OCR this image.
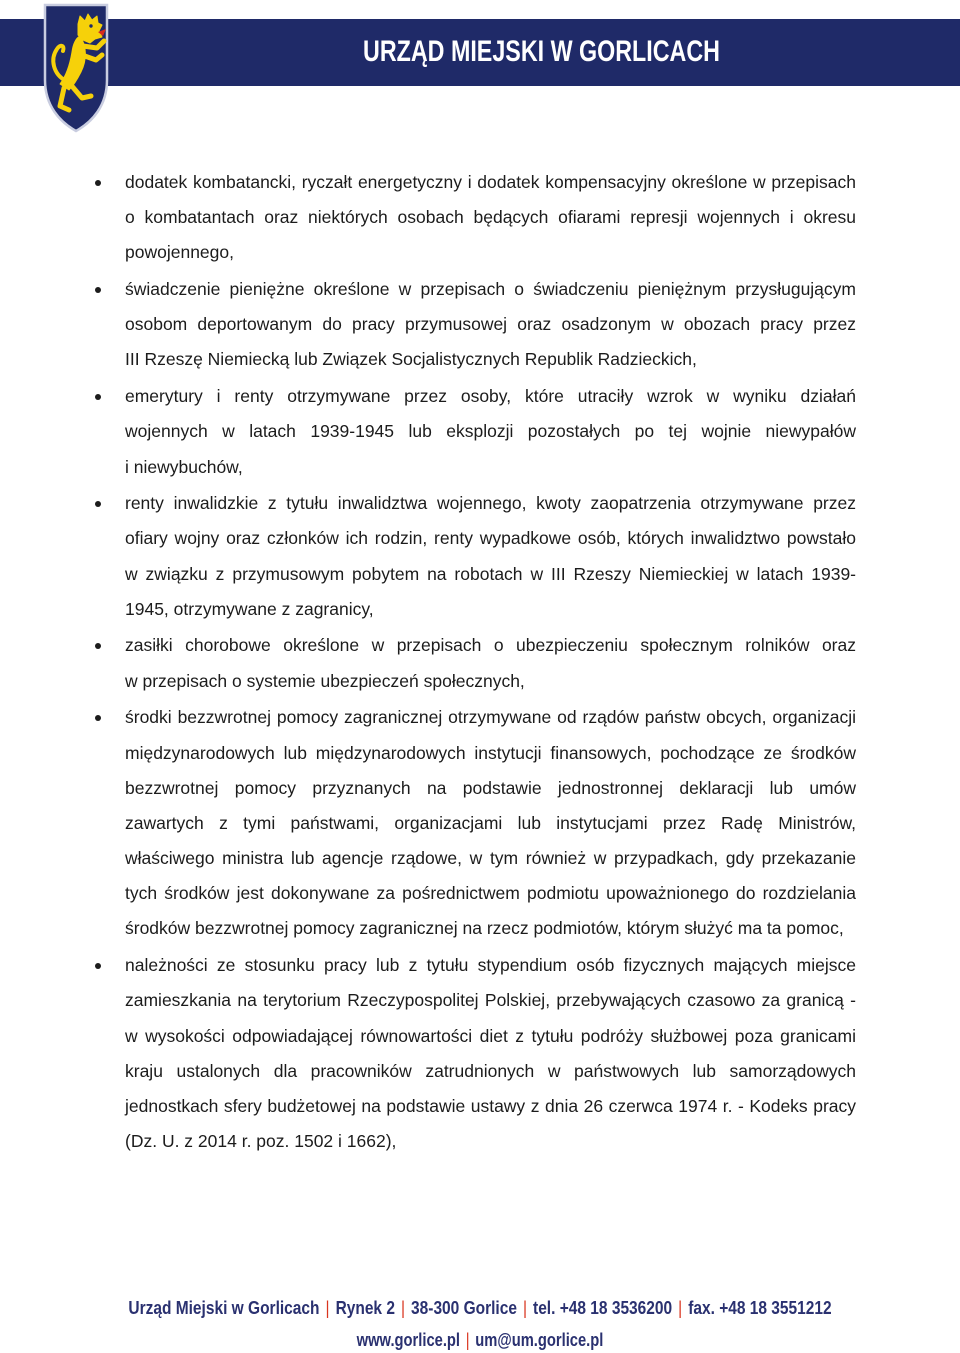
URZĄD MIEJSKI W GORLICACH
dodatek kombatancki, ryczałt energetyczny i dodatek kompensacyjny określone w przepisach
o kombatantach oraz niektórych osobach będących ofiarami represji wojennych i okresu
powojennego,
świadczenie pieniężne określone w przepisach o świadczeniu pieniężnym przysługującym
osobom deportowanym do pracy przymusowej oraz osadzonym w obozach pracy przez
III Rzeszę Niemiecką lub Związek Socjalistycznych Republik Radzieckich,
emerytury i renty otrzymywane przez osoby, które utraciły wzrok w wyniku działań
wojennych w latach 1939-1945 lub eksplozji pozostałych po tej wojnie niewypałów
i niewybuchów,
renty inwalidzkie z tytułu inwalidztwa wojennego, kwoty zaopatrzenia otrzymywane przez
ofiary wojny oraz członków ich rodzin, renty wypadkowe osób, których inwalidztwo powstało
w związku z przymusowym pobytem na robotach w III Rzeszy Niemieckiej w latach 1939-
1945, otrzymywane z zagranicy,
zasiłki chorobowe określone w przepisach o ubezpieczeniu społecznym rolników oraz
w przepisach o systemie ubezpieczeń społecznych,
środki bezzwrotnej pomocy zagranicznej otrzymywane od rządów państw obcych, organizacji
międzynarodowych lub międzynarodowych instytucji finansowych, pochodzące ze środków
bezzwrotnej pomocy przyznanych na podstawie jednostronnej deklaracji lub umów
zawartych z tymi państwami, organizacjami lub instytucjami przez Radę Ministrów,
właściwego ministra lub agencje rządowe, w tym również w przypadkach, gdy przekazanie
tych środków jest dokonywane za pośrednictwem podmiotu upoważnionego do rozdzielania
środków bezzwrotnej pomocy zagranicznej na rzecz podmiotów, którym służyć ma ta pomoc,
należności ze stosunku pracy lub z tytułu stypendium osób fizycznych mających miejsce
zamieszkania na terytorium Rzeczypospolitej Polskiej, przebywających czasowo za granicą -
w wysokości odpowiadającej równowartości diet z tytułu podróży służbowej poza granicami
kraju ustalonych dla pracowników zatrudnionych w państwowych lub samorządowych
jednostkach sfery budżetowej na podstawie ustawy z dnia 26 czerwca 1974 r. - Kodeks pracy
(Dz. U. z 2014 r. poz. 1502 i 1662),
Urząd Miejski w Gorlicach | Rynek 2 | 38-300 Gorlice | tel. +48 18 3536200 | fax. +48 18 3551212
www.gorlice.pl | um@um.gorlice.pl
